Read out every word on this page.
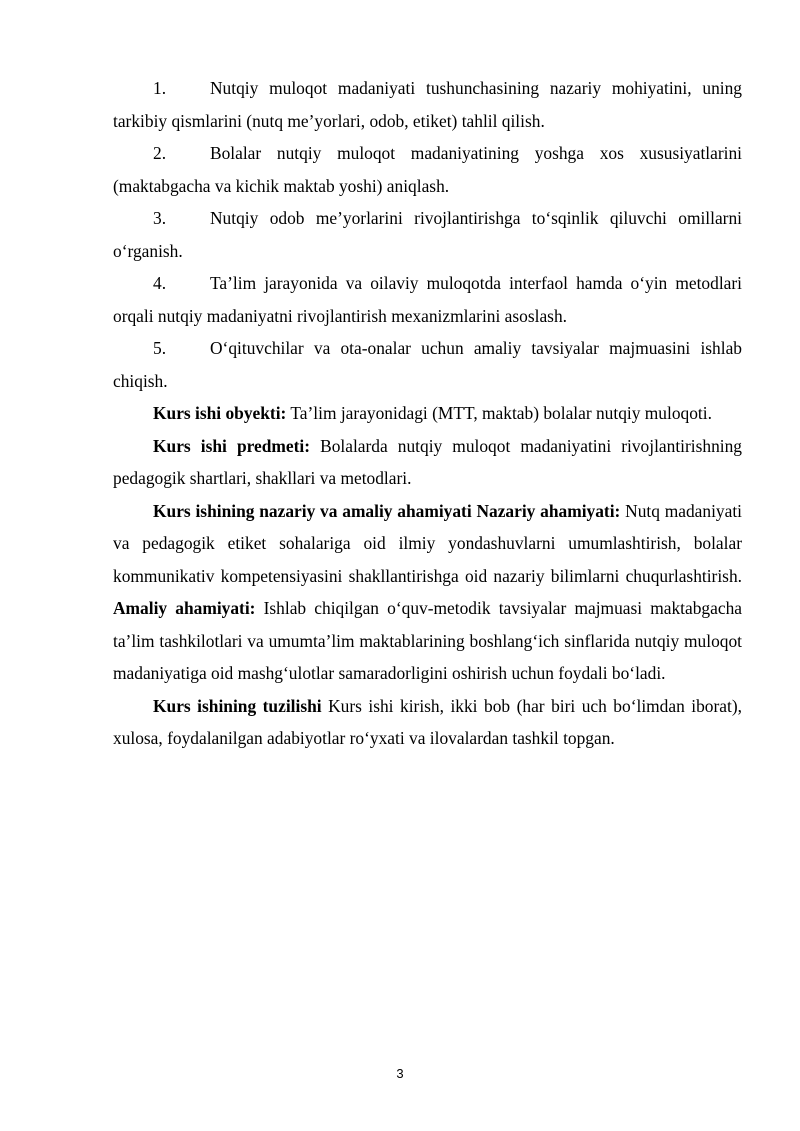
1.	Nutqiy muloqot madaniyati tushunchasining nazariy mohiyatini, uning tarkibiy qismlarini (nutq me’yorlari, odob, etiket) tahlil qilish.

2.	Bolalar nutqiy muloqot madaniyatining yoshga xos xususiyatlarini (maktabgacha va kichik maktab yoshi) aniqlash.

3.	Nutqiy odob me’yorlarini rivojlantirishga to‘sqinlik qiluvchi omillarni o‘rganish.

4.	Ta’lim jarayonida va oilaviy muloqotda interfaol hamda o‘yin metodlari orqali nutqiy madaniyatni rivojlantirish mexanizmlarini asoslash.

5.	O‘qituvchilar va ota-onalar uchun amaliy tavsiyalar majmuasini ishlab chiqish.

Kurs ishi obyekti: Ta’lim jarayonidagi (MTT, maktab) bolalar nutqiy muloqoti.

Kurs ishi predmeti: Bolalarda nutqiy muloqot madaniyatini rivojlantirishning pedagogik shartlari, shakllari va metodlari.

Kurs ishining nazariy va amaliy ahamiyati Nazariy ahamiyati: Nutq madaniyati va pedagogik etiket sohalariga oid ilmiy yondashuvlarni umumlashtirish, bolalar kommunikativ kompetensiyasini shakllantirishga oid nazariy bilimlarni chuqurlashtirish. Amaliy ahamiyati: Ishlab chiqilgan o‘quv-metodik tavsiyalar majmuasi maktabgacha ta’lim tashkilotlari va umumta’lim maktablarining boshlang‘ich sinflarida nutqiy muloqot madaniyatiga oid mashg‘ulotlar samaradorligini oshirish uchun foydali bo‘ladi.

Kurs ishining tuzilishi Kurs ishi kirish, ikki bob (har biri uch bo‘limdan iborat), xulosa, foydalanilgan adabiyotlar ro‘yxati va ilovalardan tashkil topgan.

3
